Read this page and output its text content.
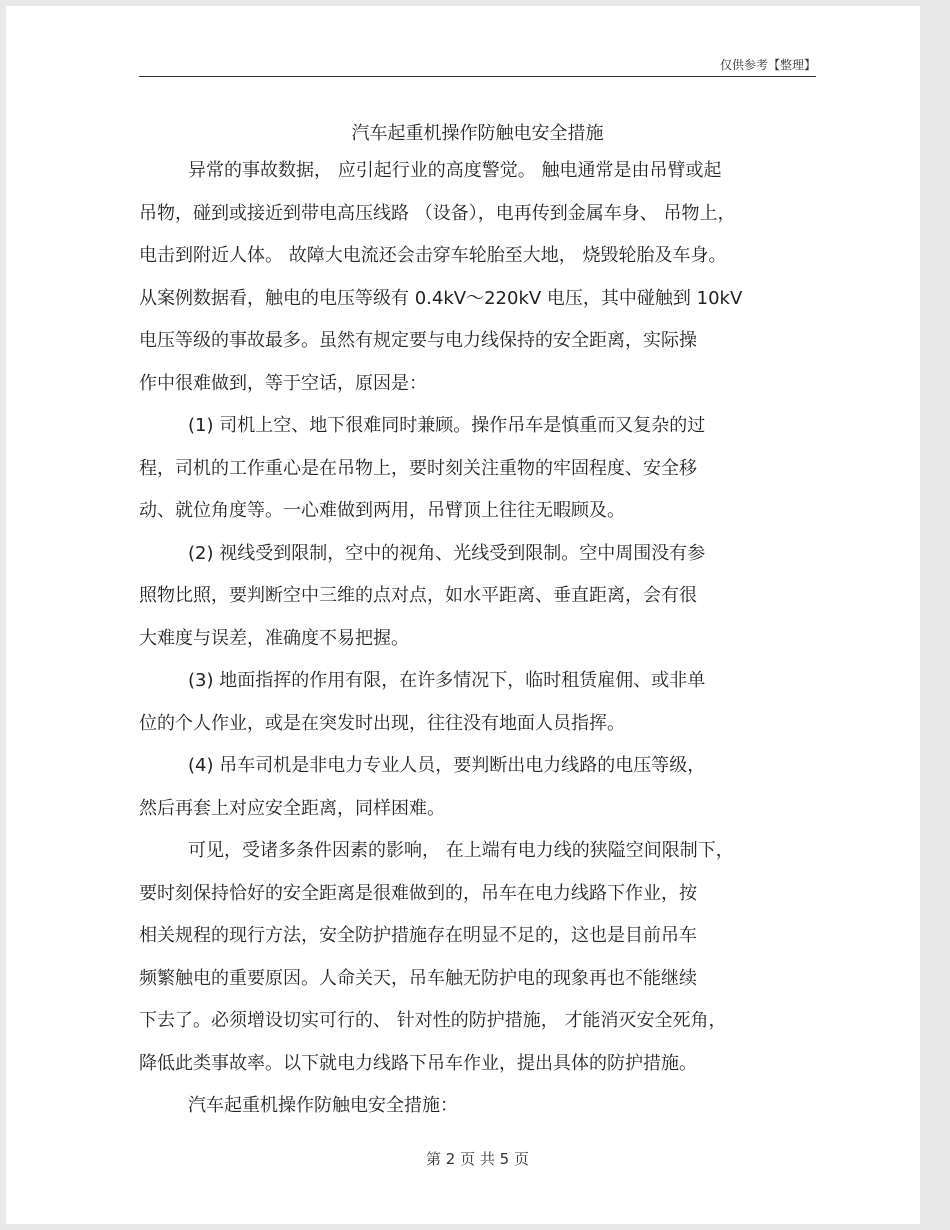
仅供参考【整理】
汽车起重机操作防触电安全措施
异常的事故数据， 应引起行业的高度警觉。 触电通常是由吊臂或起
吊物，碰到或接近到带电高压线路 （设备），电再传到金属车身、 吊物上，
电击到附近人体。 故障大电流还会击穿车轮胎至大地， 烧毁轮胎及车身。
从案例数据看，触电的电压等级有 0.4kV～220kV 电压，其中碰触到 10kV
电压等级的事故最多。虽然有规定要与电力线保持的安全距离，实际操
作中很难做到，等于空话，原因是：
(1) 司机上空、地下很难同时兼顾。操作吊车是慎重而又复杂的过
程，司机的工作重心是在吊物上，要时刻关注重物的牢固程度、安全移
动、就位角度等。一心难做到两用，吊臂顶上往往无暇顾及。
(2) 视线受到限制，空中的视角、光线受到限制。空中周围没有参
照物比照，要判断空中三维的点对点，如水平距离、垂直距离，会有很
大难度与误差，准确度不易把握。
(3) 地面指挥的作用有限，在许多情况下，临时租赁雇佣、或非单
位的个人作业，或是在突发时出现，往往没有地面人员指挥。
(4) 吊车司机是非电力专业人员，要判断出电力线路的电压等级，
然后再套上对应安全距离，同样困难。
可见，受诸多条件因素的影响， 在上端有电力线的狭隘空间限制下，
要时刻保持恰好的安全距离是很难做到的，吊车在电力线路下作业，按
相关规程的现行方法，安全防护措施存在明显不足的，这也是目前吊车
频繁触电的重要原因。人命关天，吊车触无防护电的现象再也不能继续
下去了。必须增设切实可行的、 针对性的防护措施， 才能消灭安全死角，
降低此类事故率。以下就电力线路下吊车作业，提出具体的防护措施。
汽车起重机操作防触电安全措施：
第 2 页 共 5 页
